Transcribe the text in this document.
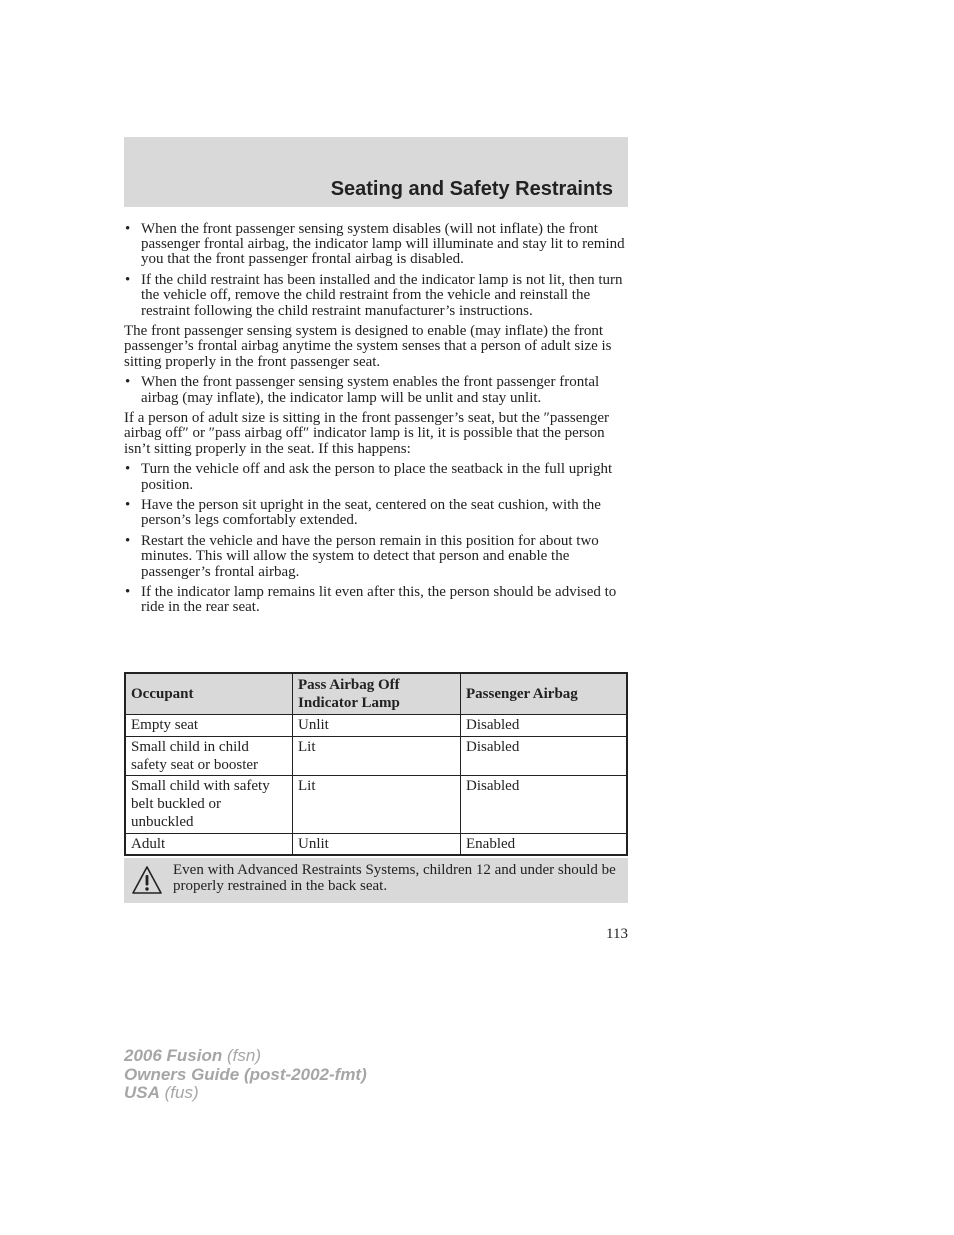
Seating and Safety Restraints
• When the front passenger sensing system disables (will not inflate) the front passenger frontal airbag, the indicator lamp will illuminate and stay lit to remind you that the front passenger frontal airbag is disabled.
• If the child restraint has been installed and the indicator lamp is not lit, then turn the vehicle off, remove the child restraint from the vehicle and reinstall the restraint following the child restraint manufacturer’s instructions.
The front passenger sensing system is designed to enable (may inflate) the front passenger’s frontal airbag anytime the system senses that a person of adult size is sitting properly in the front passenger seat.
• When the front passenger sensing system enables the front passenger frontal airbag (may inflate), the indicator lamp will be unlit and stay unlit.
If a person of adult size is sitting in the front passenger’s seat, but the ″passenger airbag off″ or ″pass airbag off″ indicator lamp is lit, it is possible that the person isn’t sitting properly in the seat. If this happens:
• Turn the vehicle off and ask the person to place the seatback in the full upright position.
• Have the person sit upright in the seat, centered on the seat cushion, with the person’s legs comfortably extended.
• Restart the vehicle and have the person remain in this position for about two minutes. This will allow the system to detect that person and enable the passenger’s frontal airbag.
• If the indicator lamp remains lit even after this, the person should be advised to ride in the rear seat.
Occupant	Pass Airbag Off Indicator Lamp	Passenger Airbag
Empty seat	Unlit	Disabled
Small child in child safety seat or booster	Lit	Disabled
Small child with safety belt buckled or unbuckled	Lit	Disabled
Adult	Unlit	Enabled
Even with Advanced Restraints Systems, children 12 and under should be properly restrained in the back seat.
113
2006 Fusion (fsn)
Owners Guide (post-2002-fmt)
USA (fus)
